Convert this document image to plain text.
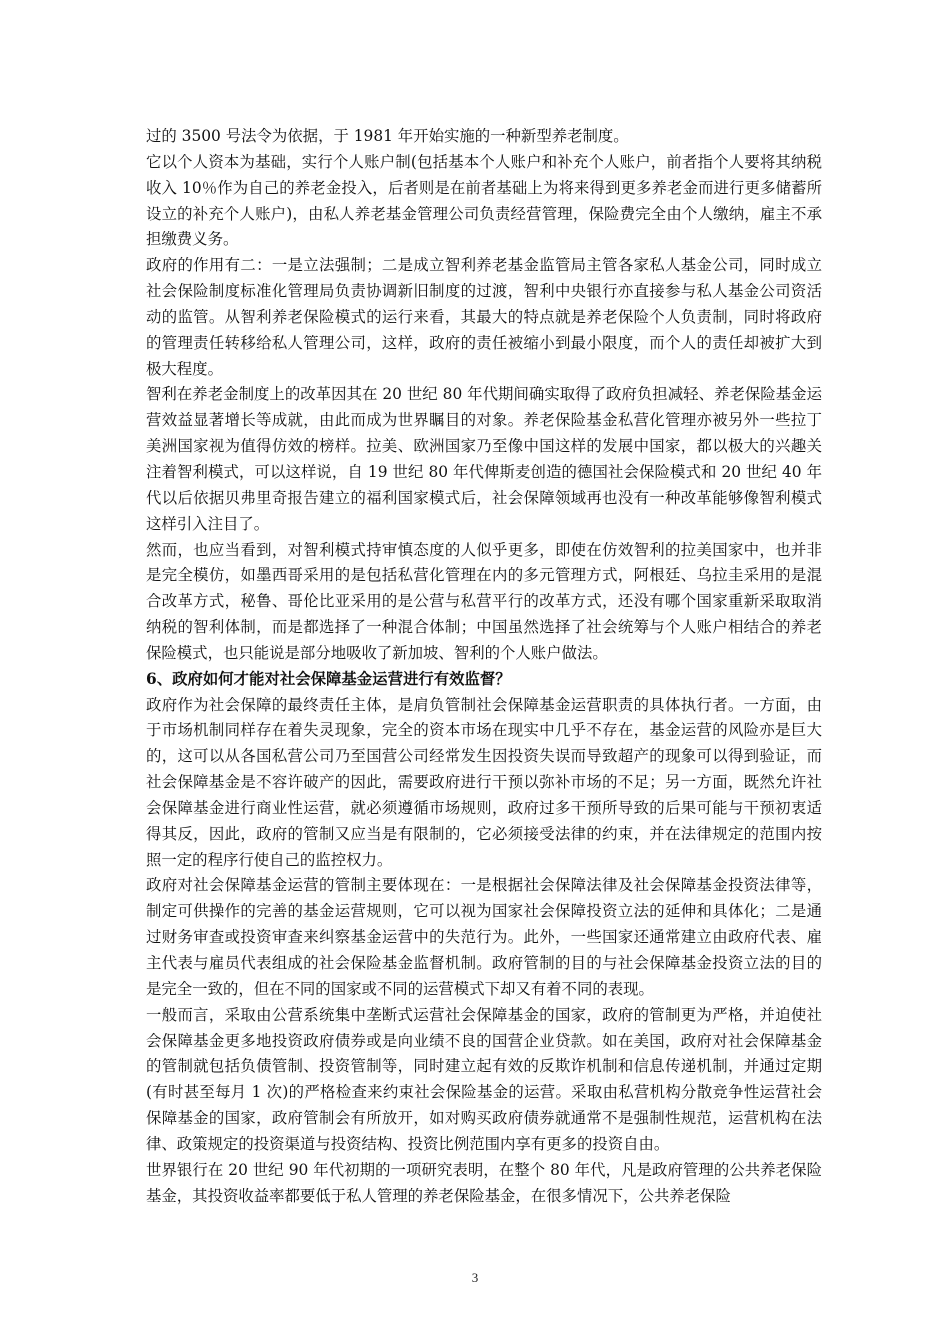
过的 3500 号法令为依据，于 1981 年开始实施的一种新型养老制度。

它以个人资本为基础，实行个人账户制(包括基本个人账户和补充个人账户，前者指个人要将其纳税收入 10％作为自己的养老金投入，后者则是在前者基础上为将来得到更多养老金而进行更多储蓄所设立的补充个人账户)，由私人养老基金管理公司负责经营管理，保险费完全由个人缴纳，雇主不承担缴费义务。

政府的作用有二：一是立法强制；二是成立智利养老基金监管局主管各家私人基金公司，同时成立社会保险制度标准化管理局负责协调新旧制度的过渡，智利中央银行亦直接参与私人基金公司资活动的监管。从智利养老保险模式的运行来看，其最大的特点就是养老保险个人负责制，同时将政府的管理责任转移给私人管理公司，这样，政府的责任被缩小到最小限度，而个人的责任却被扩大到极大程度。

智利在养老金制度上的改革因其在 20 世纪 80 年代期间确实取得了政府负担减轻、养老保险基金运营效益显著增长等成就，由此而成为世界瞩目的对象。养老保险基金私营化管理亦被另外一些拉丁美洲国家视为值得仿效的榜样。拉美、欧洲国家乃至像中国这样的发展中国家，都以极大的兴趣关注着智利模式，可以这样说，自 19 世纪 80 年代俾斯麦创造的德国社会保险模式和 20 世纪 40 年代以后依据贝弗里奇报告建立的福利国家模式后，社会保障领域再也没有一种改革能够像智利模式这样引入注目了。

然而，也应当看到，对智利模式持审慎态度的人似乎更多，即使在仿效智利的拉美国家中，也并非是完全模仿，如墨西哥采用的是包括私营化管理在内的多元管理方式，阿根廷、乌拉圭采用的是混合改革方式，秘鲁、哥伦比亚采用的是公营与私营平行的改革方式，还没有哪个国家重新采取取消纳税的智利体制，而是都选择了一种混合体制；中国虽然选择了社会统筹与个人账户相结合的养老保险模式，也只能说是部分地吸收了新加坡、智利的个人账户做法。

6、政府如何才能对社会保障基金运营进行有效监督？

政府作为社会保障的最终责任主体，是肩负管制社会保障基金运营职责的具体执行者。一方面，由于市场机制同样存在着失灵现象，完全的资本市场在现实中几乎不存在，基金运营的风险亦是巨大的，这可以从各国私营公司乃至国营公司经常发生因投资失误而导致超产的现象可以得到验证，而社会保障基金是不容许破产的因此，需要政府进行干预以弥补市场的不足；另一方面，既然允许社会保障基金进行商业性运营，就必须遵循市场规则，政府过多干预所导致的后果可能与干预初衷适得其反，因此，政府的管制又应当是有限制的，它必须接受法律的约束，并在法律规定的范围内按照一定的程序行使自己的监控权力。

政府对社会保障基金运营的管制主要体现在：一是根据社会保障法律及社会保障基金投资法律等，制定可供操作的完善的基金运营规则，它可以视为国家社会保障投资立法的延伸和具体化；二是通过财务审查或投资审查来纠察基金运营中的失范行为。此外，一些国家还通常建立由政府代表、雇主代表与雇员代表组成的社会保险基金监督机制。政府管制的目的与社会保障基金投资立法的目的是完全一致的，但在不同的国家或不同的运营模式下却又有着不同的表现。

一般而言，采取由公营系统集中垄断式运营社会保障基金的国家，政府的管制更为严格，并迫使社会保障基金更多地投资政府债券或是向业绩不良的国营企业贷款。如在美国，政府对社会保障基金的管制就包括负债管制、投资管制等，同时建立起有效的反欺诈机制和信息传递机制，并通过定期(有时甚至每月 1 次)的严格检查来约束社会保险基金的运营。采取由私营机构分散竞争性运营社会保障基金的国家，政府管制会有所放开，如对购买政府债券就通常不是强制性规范，运营机构在法律、政策规定的投资渠道与投资结构、投资比例范围内享有更多的投资自由。

世界银行在 20 世纪 90 年代初期的一项研究表明，在整个 80 年代，凡是政府管理的公共养老保险基金，其投资收益率都要低于私人管理的养老保险基金，在很多情况下，公共养老保险

3
